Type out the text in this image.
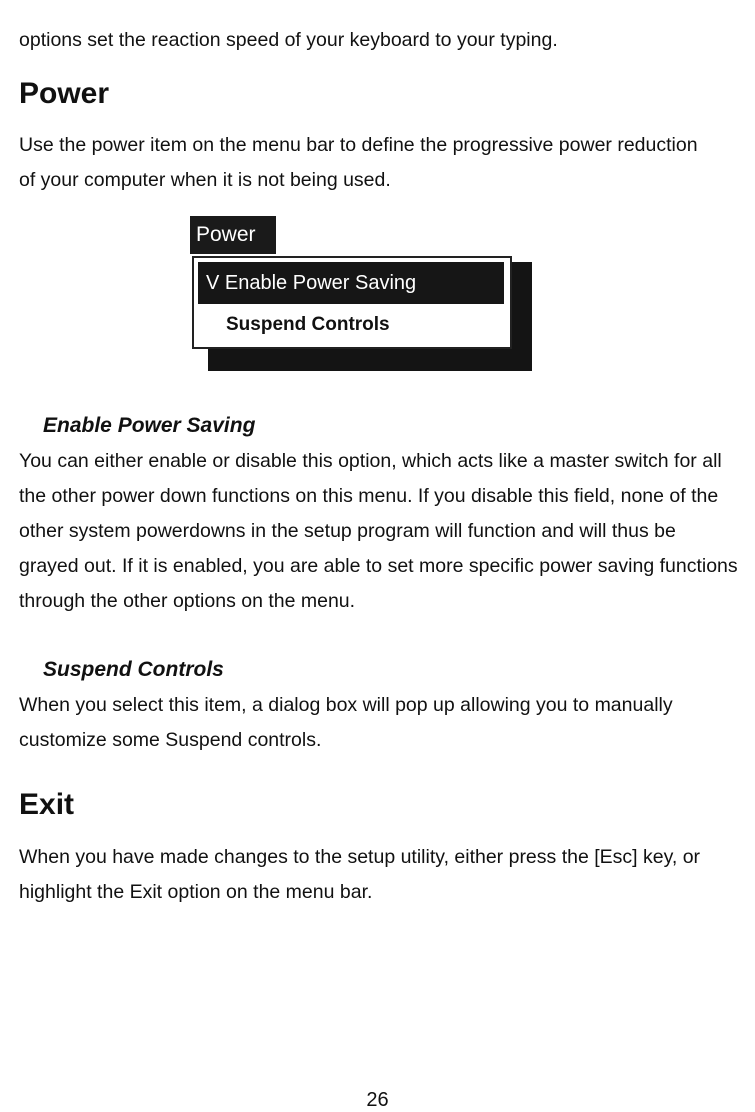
options set the reaction speed of your keyboard to your typing.

Power

Use the power item on the menu bar to define the progressive power reduction of your computer when it is not being used.

Power
V Enable Power Saving
Suspend Controls
Enable Power Saving

You can either enable or disable this option, which acts like a master switch for all the other power down functions on this menu. If you disable this field, none of the other system powerdowns in the setup program will function and will thus be grayed out. If it is enabled, you are able to set more specific power saving functions through the other options on the menu.

Suspend Controls

When you select this item, a dialog box will pop up allowing you to manually customize some Suspend controls.

Exit

When you have made changes to the setup utility, either press the [Esc] key, or highlight the Exit option on the menu bar.

26
